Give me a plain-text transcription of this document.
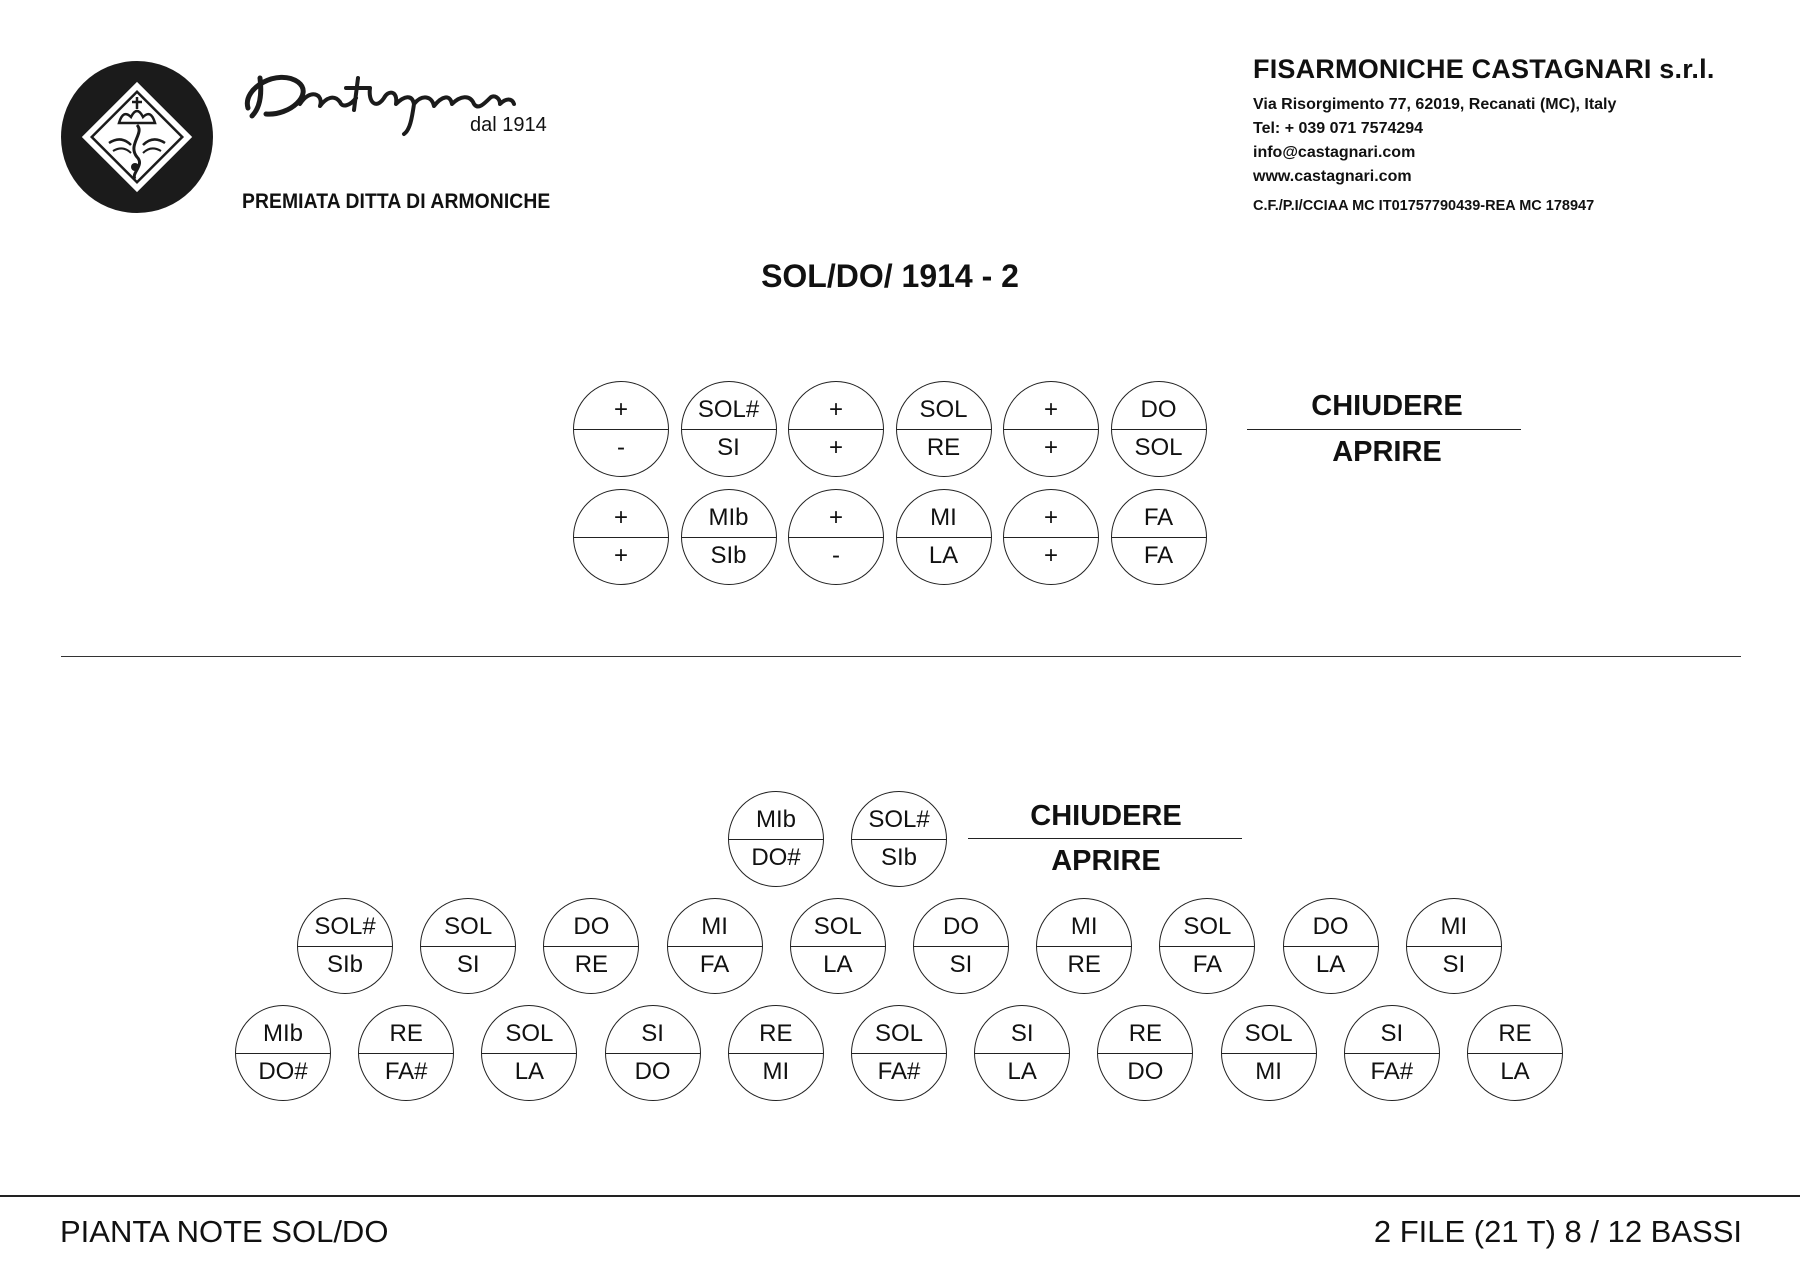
dal 1914
PREMIATA DITTA DI ARMONICHE
FISARMONICHE CASTAGNARI s.r.l.
Via Risorgimento 77, 62019, Recanati (MC), Italy
Tel: + 039 071 7574294
info@castagnari.com
www.castagnari.com
C.F./P.I/CCIAA MC IT01757790439-REA MC 178947
SOL/DO/ 1914 - 2
+
-
SOL#
SI
+
+
SOL
RE
+
+
DO
SOL
+
+
MIb
SIb
+
-
MI
LA
+
+
FA
FA
CHIUDERE
APRIRE
MIb
DO#
SOL#
SIb
SOL#
SIb
SOL
SI
DO
RE
MI
FA
SOL
LA
DO
SI
MI
RE
SOL
FA
DO
LA
MI
SI
MIb
DO#
RE
FA#
SOL
LA
SI
DO
RE
MI
SOL
FA#
SI
LA
RE
DO
SOL
MI
SI
FA#
RE
LA
CHIUDERE
APRIRE
PIANTA NOTE SOL/DO	2 FILE (21 T) 8 / 12 BASSI
